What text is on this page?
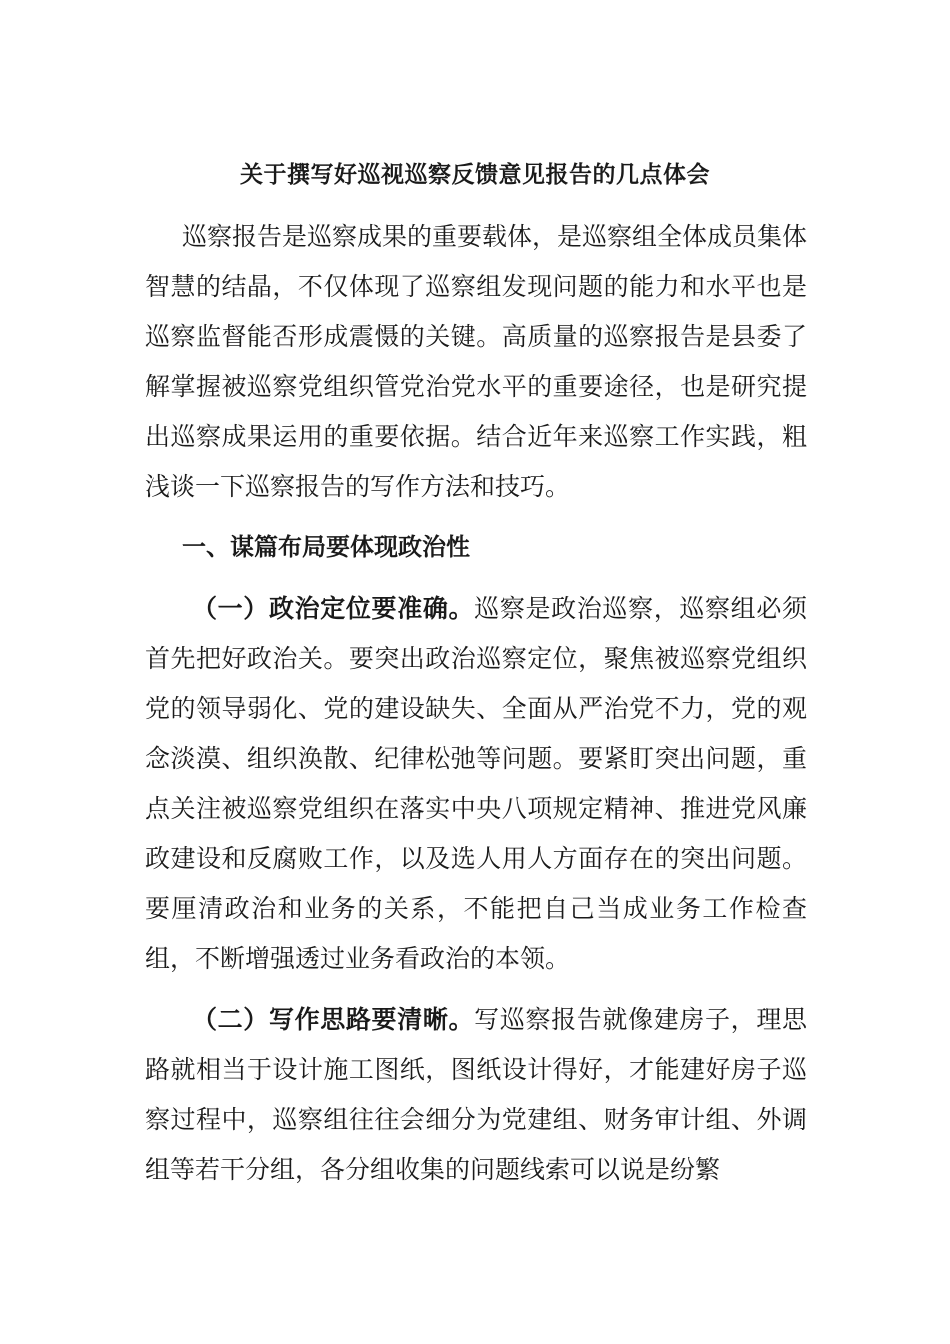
关于撰写好巡视巡察反馈意见报告的几点体会

巡察报告是巡察成果的重要载体，是巡察组全体成员集体智慧的结晶，不仅体现了巡察组发现问题的能力和水平也是巡察监督能否形成震慑的关键。高质量的巡察报告是县委了解掌握被巡察党组织管党治党水平的重要途径，也是研究提出巡察成果运用的重要依据。结合近年来巡察工作实践，粗浅谈一下巡察报告的写作方法和技巧。

一、谋篇布局要体现政治性

（一）政治定位要准确。巡察是政治巡察，巡察组必须首先把好政治关。要突出政治巡察定位，聚焦被巡察党组织党的领导弱化、党的建设缺失、全面从严治党不力，党的观念淡漠、组织涣散、纪律松弛等问题。要紧盯突出问题，重点关注被巡察党组织在落实中央八项规定精神、推进党风廉政建设和反腐败工作，以及选人用人方面存在的突出问题。要厘清政治和业务的关系，不能把自己当成业务工作检查组，不断增强透过业务看政治的本领。

（二）写作思路要清晰。写巡察报告就像建房子，理思路就相当于设计施工图纸，图纸设计得好，才能建好房子巡察过程中，巡察组往往会细分为党建组、财务审计组、外调组等若干分组，各分组收集的问题线索可以说是纷繁
